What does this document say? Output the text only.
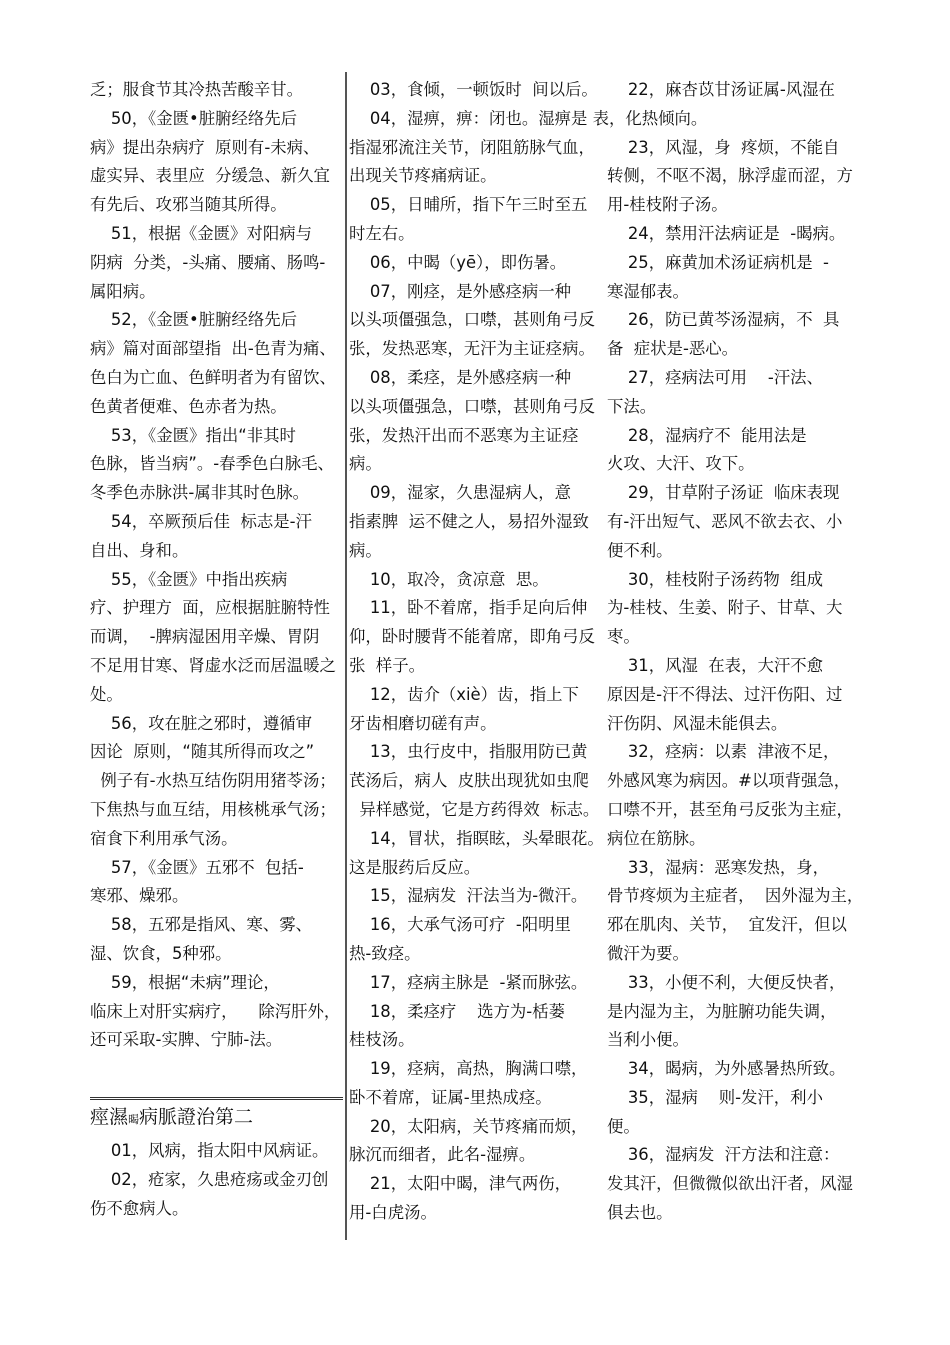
乏；服食节其冷热苦酸辛甘。
50，《金匮•脏腑经络先后
病》提出杂病疗  原则有-未病、
虚实异、表里应  分缓急、新久宜
有先后、攻邪当随其所得。
51，根据《金匮》对阳病与
阴病  分类，-头痛、腰痛、肠鸣-
属阳病。
52，《金匮•脏腑经络先后
病》篇对面部望指  出-色青为痛、
色白为亡血、色鲜明者为有留饮、
色黄者便难、色赤者为热。
53，《金匮》指出“非其时
色脉，皆当病”。-春季色白脉毛、
冬季色赤脉洪-属非其时色脉。
54，卒厥预后佳  标志是-汗
自出、身和。
55，《金匮》中指出疾病
疗、护理方  面，应根据脏腑特性
而调，  -脾病湿困用辛燥、胃阴
不足用甘寒、肾虚水泛而居温暖之
处。
56，攻在脏之邪时，遵循审
因论  原则，“随其所得而攻之”
例子有-水热互结伤阴用猪苓汤；
下焦热与血互结，用核桃承气汤；
宿食下利用承气汤。
57，《金匮》五邪不  包括-
寒邪、燥邪。
58，五邪是指风、寒、雾、
湿、饮食，5种邪。
59，根据“未病”理论，
临床上对肝实病疗，    除泻肝外，
还可采取-实脾、宁肺-法。
03，食倾，一顿饭时  间以后。
04，湿痹，痹：闭也。湿痹是 表，化热倾向。
指湿邪流注关节，闭阻筋脉气血，
出现关节疼痛病证。
05，日晡所，指下午三时至五
时左右。
06，中暍（yē），即伤暑。
07，刚痉，是外感痉病一种
以头项僵强急，口噤，甚则角弓反
张，发热恶寒，无汗为主证痉病。
08，柔痉，是外感痉病一种
以头项僵强急，口噤，甚则角弓反
张，发热汗出而不恶寒为主证痉
病。
09，湿家，久患湿病人，意
指素脾  运不健之人，易招外湿致
病。
10，取冷，贪凉意  思。
11，卧不着席，指手足向后伸
仰，卧时腰背不能着席，即角弓反
张  样子。
12，齿介（xiè）齿，指上下
牙齿相磨切磋有声。
13，虫行皮中，指服用防已黄
芪汤后，病人  皮肤出现犹如虫爬
异样感觉，它是方药得效  标志。
14，冒状，指瞑眩，头晕眼花。
这是服药后反应。
15，湿病发  汗法当为-微汗。
16，大承气汤可疗  -阳明里
热-致痉。
17，痉病主脉是  -紧而脉弦。
18，柔痉疗    选方为-栝蒌
桂枝汤。
19，痉病，高热，胸满口噤，
卧不着席，证属-里热成痉。
20，太阳病，关节疼痛而烦，
脉沉而细者，此名-湿痹。
21，太阳中暍，津气两伤，
用-白虎汤。
22，麻杏苡甘汤证属-风湿在
23，风湿，身  疼烦，不能自
转侧，不呕不渴，脉浮虚而涩，方
用-桂枝附子汤。
24，禁用汗法病证是  -暍病。
25，麻黄加术汤证病机是  -
寒湿郁表。
26，防已黄芩汤湿病，不  具
备  症状是-恶心。
27，痉病法可用    -汗法、
下法。
28，湿病疗不  能用法是
火攻、大汗、攻下。
29，甘草附子汤证  临床表现
有-汗出短气、恶风不欲去衣、小
便不利。
30，桂枝附子汤药物  组成
为-桂枝、生姜、附子、甘草、大
枣。
31，风湿  在表，大汗不愈
原因是-汗不得法、过汗伤阳、过
汗伤阴、风湿未能俱去。
32，痉病：以素  津液不足，
外感风寒为病因。#以项背强急，
口噤不开，甚至角弓反张为主症，
病位在筋脉。
33，湿病：恶寒发热，身，
骨节疼烦为主症者，  因外湿为主，
邪在肌肉、关节，  宜发汗，但以
微汗为要。
33，小便不利，大便反快者，
是内湿为主，为脏腑功能失调，
当利小便。
34，暍病，为外感暑热所致。
35，湿病    则-发汗，利小
便。
36，湿病发  汗方法和注意：
发其汗，但微微似欲出汗者，风湿
俱去也。
痙濕暍病脈證治第二
01，风病，指太阳中风病证。
02，疮家，久患疮疡或金刃创
伤不愈病人。
